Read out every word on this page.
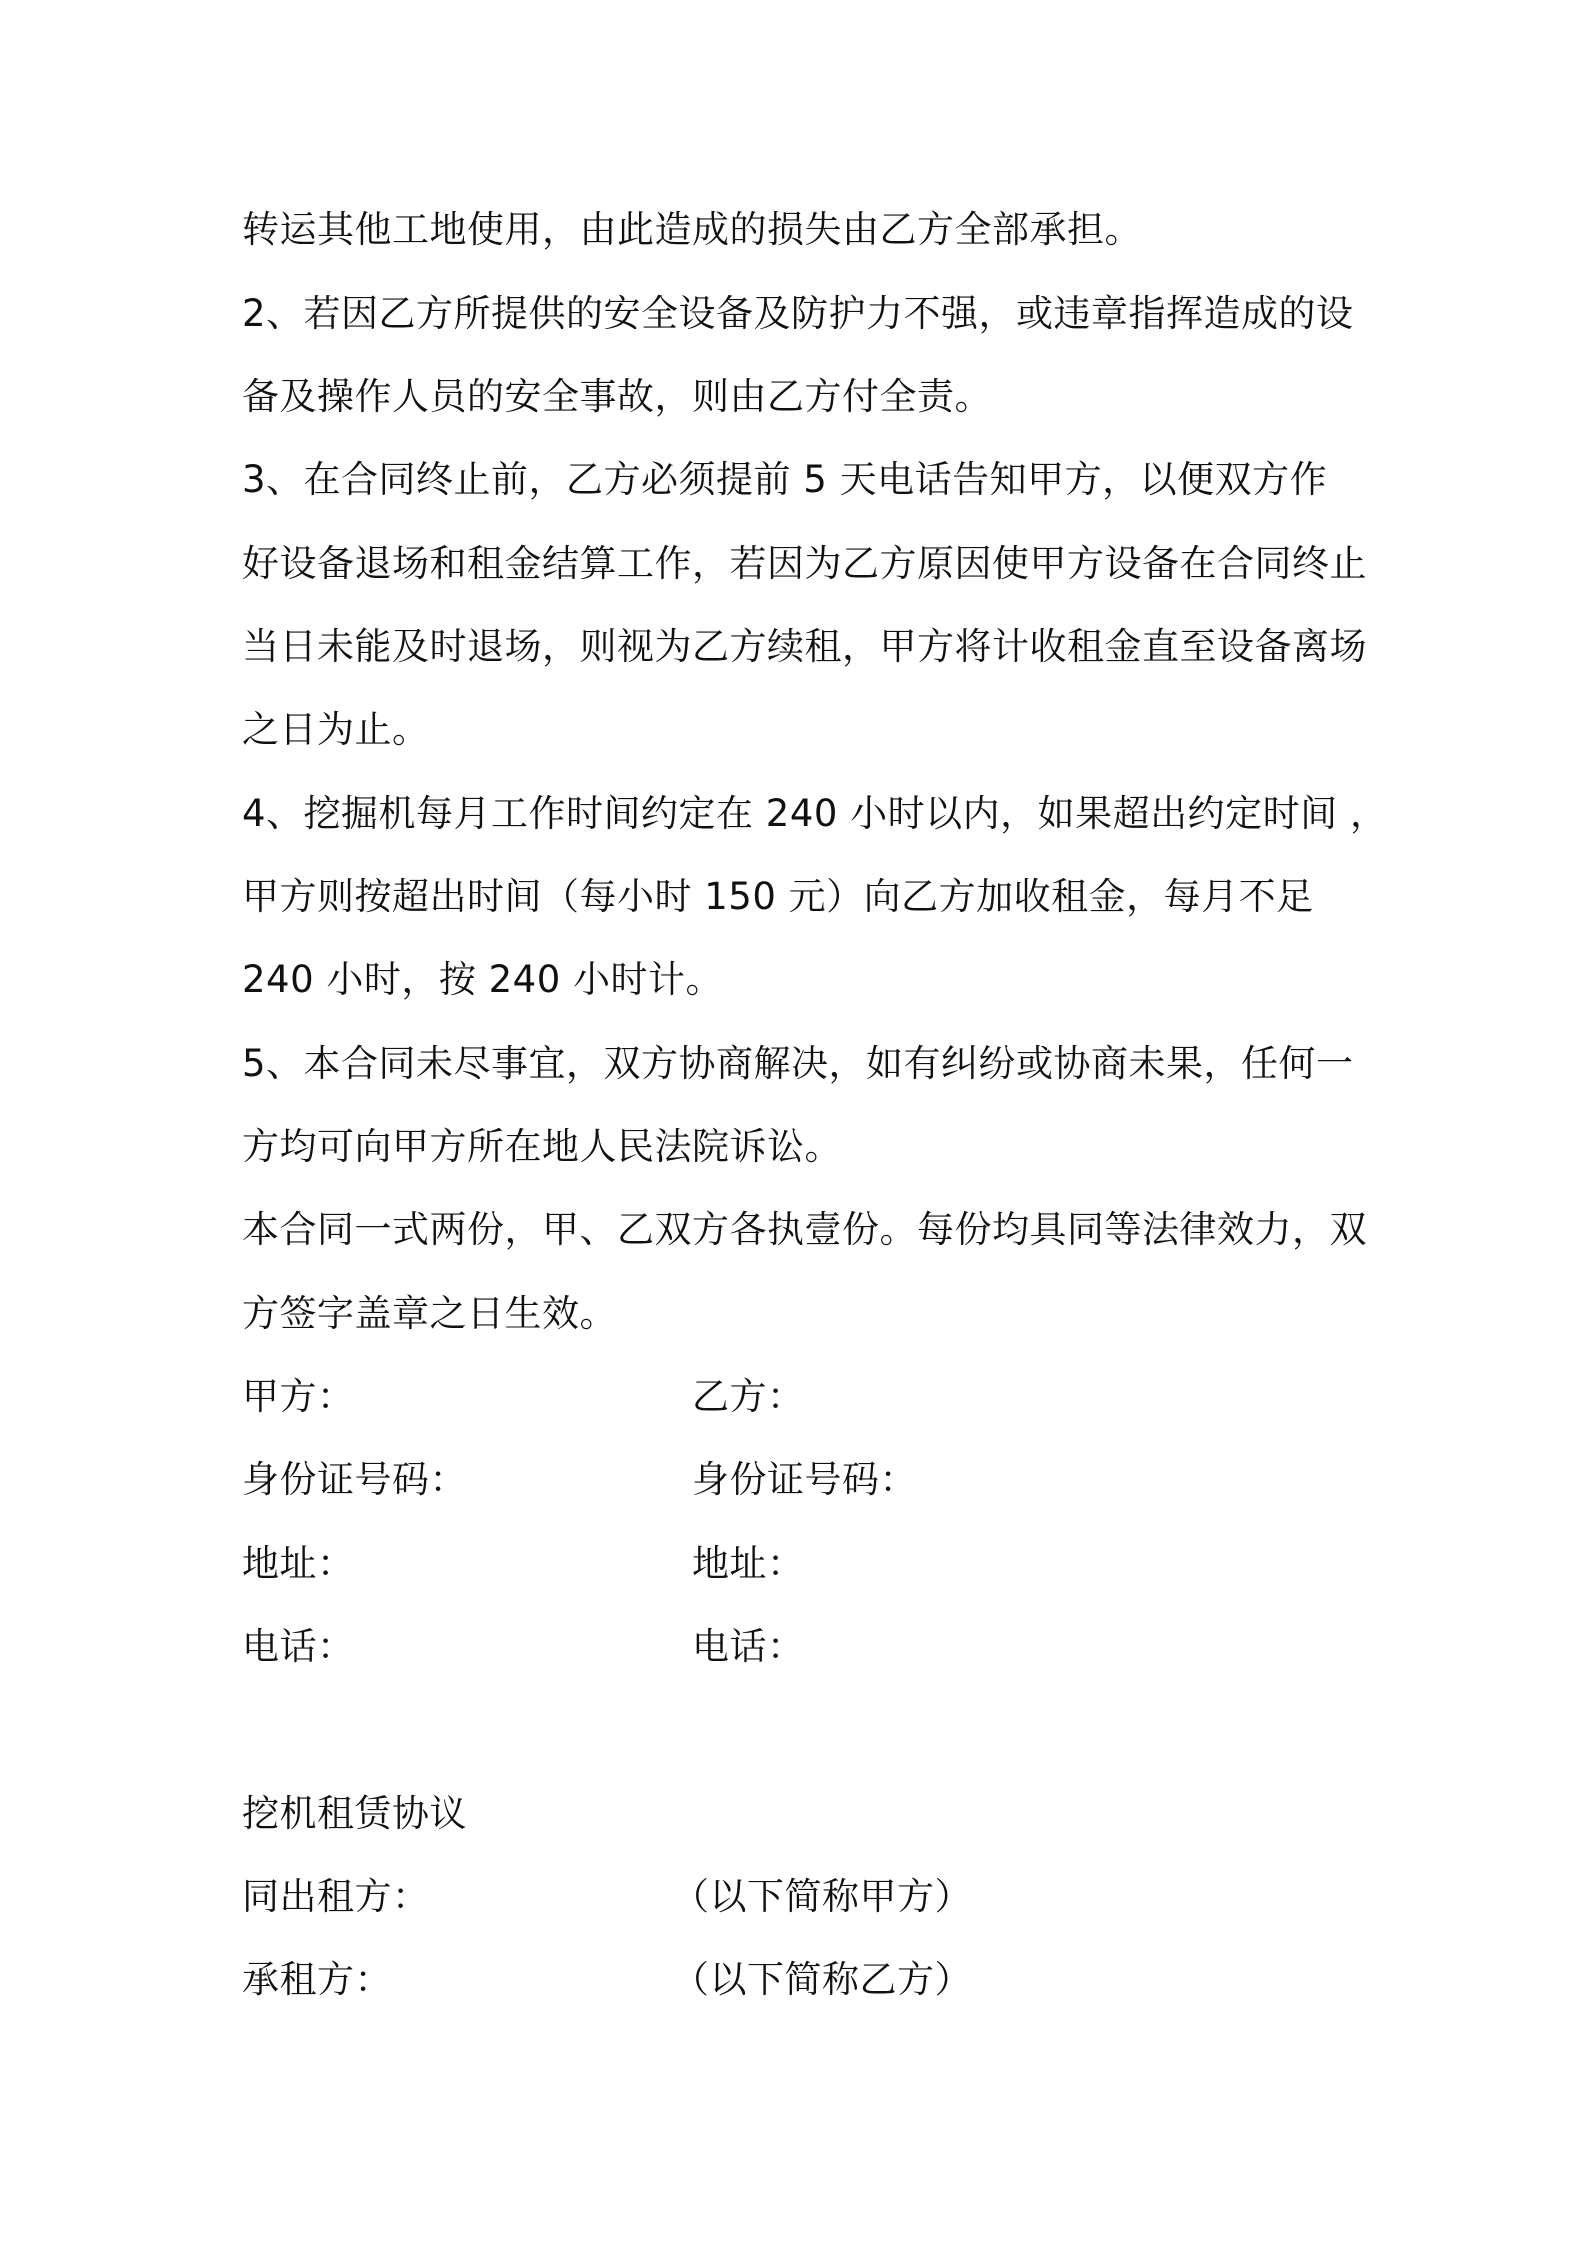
转运其他工地使用，由此造成的损失由乙方全部承担。
2、若因乙方所提供的安全设备及防护力不强，或违章指挥造成的设
备及操作人员的安全事故，则由乙方付全责。
3、在合同终止前，乙方必须提前 5 天电话告知甲方，以便双方作
好设备退场和租金结算工作，若因为乙方原因使甲方设备在合同终止
当日未能及时退场，则视为乙方续租，甲方将计收租金直至设备离场
之日为止。
4、挖掘机每月工作时间约定在 240 小时以内，如果超出约定时间 ，
甲方则按超出时间（每小时 150 元）向乙方加收租金，每月不足
240 小时，按 240 小时计。
5、本合同未尽事宜，双方协商解决，如有纠纷或协商未果，任何一
方均可向甲方所在地人民法院诉讼。
本合同一式两份，甲、乙双方各执壹份。每份均具同等法律效力，双
方签字盖章之日生效。
甲方：	乙方：
身份证号码：	身份证号码：
地址：	地址：
电话：	电话：
挖机租赁协议
同出租方：	（以下简称甲方）
承租方：	（以下简称乙方）
